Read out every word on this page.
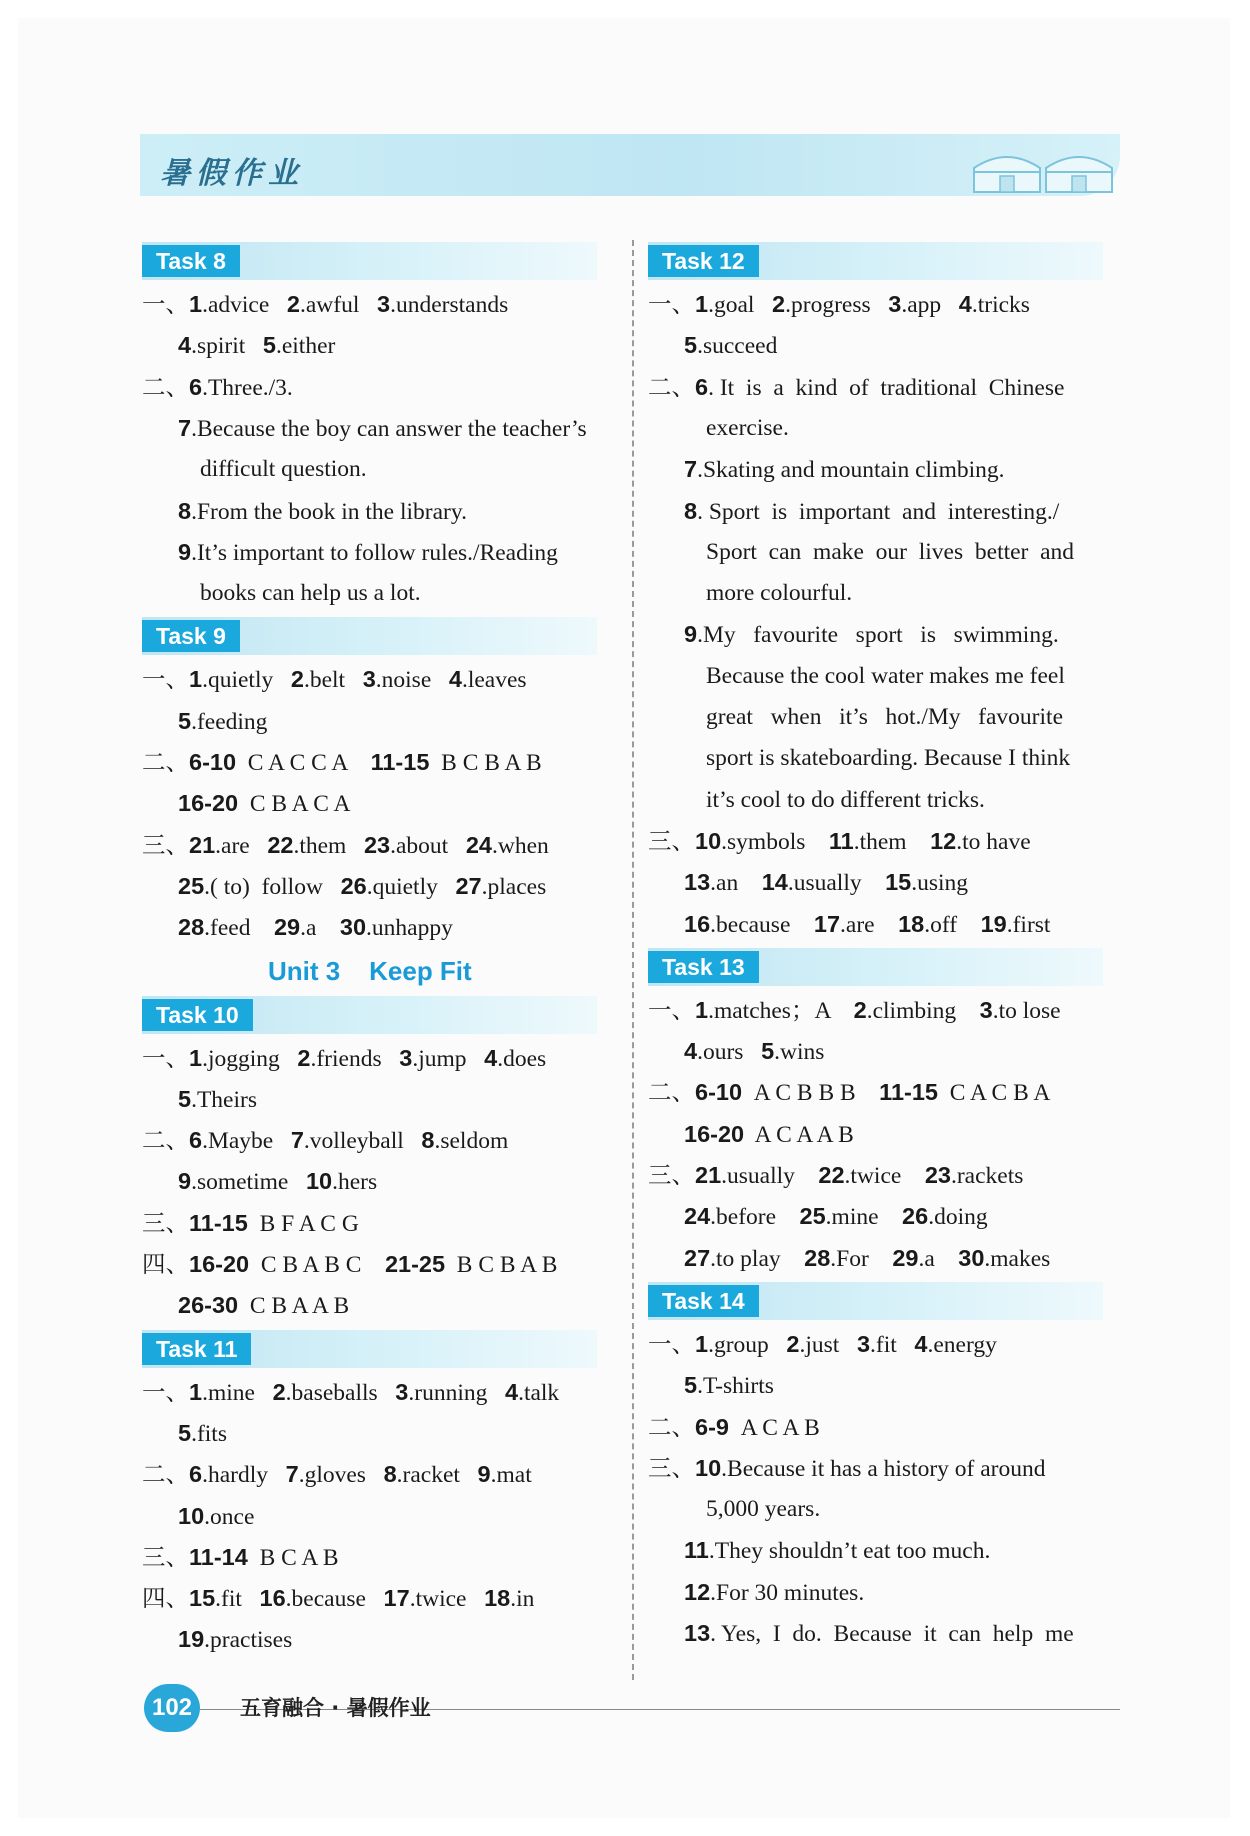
暑假作业
102	五育融合 · 暑假作业
Task 8
一、1.advice   2.awful   3.understands
4.spirit   5.either
二、6.Three./3.
7.Because the boy can answer the teacher’s
difficult question.
8.From the book in the library.
9.It’s important to follow rules./Reading
books can help us a lot.
Task 9
一、1.quietly   2.belt   3.noise   4.leaves
5.feeding
二、6-10  C A C C A    11-15  B C B A B
16-20  C B A C A
三、21.are   22.them   23.about   24.when
25.( to)  follow   26.quietly   27.places
28.feed    29.a    30.unhappy
Unit 3    Keep Fit
Task 10
一、1.jogging   2.friends   3.jump   4.does
5.Theirs
二、6.Maybe   7.volleyball   8.seldom
9.sometime   10.hers
三、11-15  B F A C G
四、16-20  C B A B C    21-25  B C B A B
26-30  C B A A B
Task 11
一、1.mine   2.baseballs   3.running   4.talk
5.fits
二、6.hardly   7.gloves   8.racket   9.mat
10.once
三、11-14  B C A B
四、15.fit   16.because   17.twice   18.in
19.practises
Task 12
一、1.goal   2.progress   3.app   4.tricks
5.succeed
二、6. It  is  a  kind  of  traditional  Chinese
exercise.
7.Skating and mountain climbing.
8. Sport  is  important  and  interesting./
Sport  can  make  our  lives  better  and
more colourful.
9.My   favourite   sport   is   swimming.
Because the cool water makes me feel
great   when   it’s   hot./My   favourite
sport is skateboarding. Because I think
it’s cool to do different tricks.
三、10.symbols    11.them    12.to have
13.an    14.usually    15.using
16.because    17.are    18.off    19.first
Task 13
一、1.matches；A    2.climbing    3.to lose
4.ours   5.wins
二、6-10  A C B B B    11-15  C A C B A
16-20  A C A A B
三、21.usually    22.twice    23.rackets
24.before    25.mine    26.doing
27.to play    28.For    29.a    30.makes
Task 14
一、1.group   2.just   3.fit   4.energy
5.T-shirts
二、6-9  A C A B
三、10.Because it has a history of around
5,000 years.
11.They shouldn’t eat too much.
12.For 30 minutes.
13. Yes,  I  do.  Because  it  can  help  me
